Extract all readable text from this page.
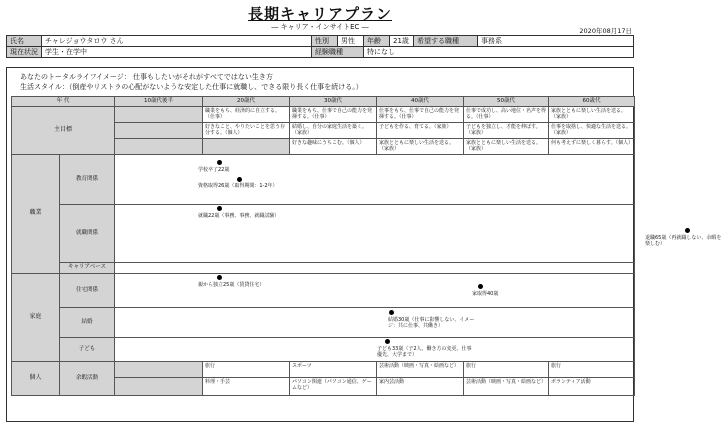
長期キャリアプラン
― キャリア・インサイトEC ―	2020年08月17日
氏名	チャレジョウタロウ さん	性別	男性	年齢	21歳	希望する職種	事務系
現在状況	学生・在学中	経験職種		特になし			
あなたのトータルライフイメージ： 仕事もしたいがそれがすべてではない生き方
生活スタイル：（倒産やリストラの心配がないような安定した仕事に就職し、できる限り長く仕事を続ける。）
年 代		10歳代後半	20歳代	30歳代	40歳代	50歳代	60歳代
主目標			職業をもち、経済的に自立する。（仕事）	職業をもち、仕事で自己の能力を発揮する。（仕事）	仕事をもち、仕事で自己の能力を発揮する。（仕事）	仕事で成功し、高い地位・名声を得る。（仕事）	家族とともに楽しい生活を送る。（家族）
			好きなこと、やりたいことを思う存分する。（個人）	結婚し、自分の家庭生活を築く。（家族）	子どもを作る、育てる。（家族）	子どもを独立し、才能を伸ばす。（家族）	仕事を取捨し、快適な生活を送る。（家族）
				好きな趣味にうちこむ。（個人）	家族とともに楽しい生活を送る。（家族）	家族とともに楽しい生活を送る。（家族）	何も考えずに楽しく暮らす。（個人）
職業	教育関係	学校卒了22歳
資格取得26歳（取得期間：1-2年）					

	就職関係	就職22歳（事務、事務、就職試験）
退職65歳（再就職しない、余暇を楽しむ）					

	キャリアベース						
家庭	住宅関係	親から独立25歳（賃貸住宅）
家取得40歳					

	結婚	結婚30歳（仕事に影響しない、イメージ：共に仕事、共働き）					

	子ども	子ども33歳（子2人、働き方の変更、仕事優先、大学まで）					

個人	余暇活動		旅行	スポーツ	芸術活動（映画・写真・絵画など）	旅行	旅行
			料理・手芸	パソコン関連（パソコン通信、ゲームなど）	家内芸活動	芸術活動（映画・写真・絵画など）	ボランティア活動
